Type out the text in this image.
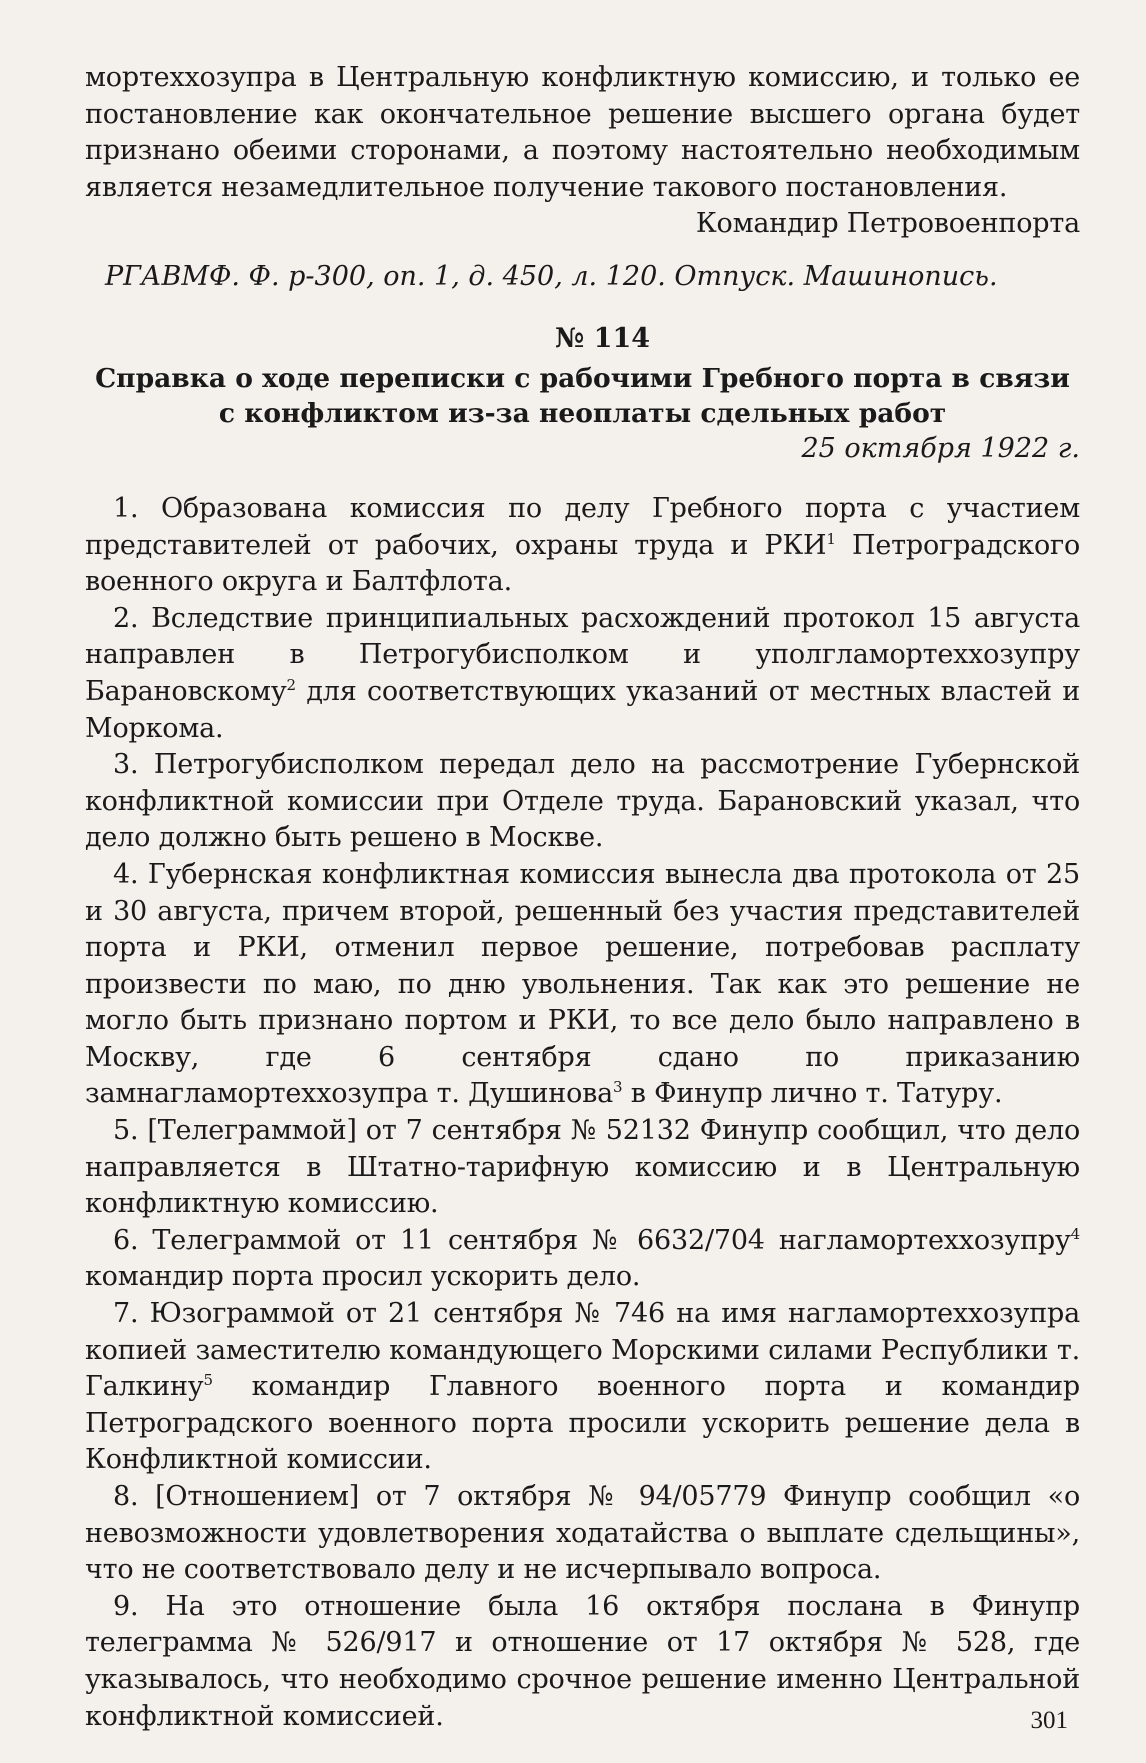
мортеххозупра в Центральную конфликтную комиссию, и только ее постановление как окончательное решение высшего органа будет признано обеими сторонами, а поэтому настоятельно необходимым является незамедлительное получение такового постановления.

Командир Петровоенпорта

РГАВМФ. Ф. р-300, оп. 1, д. 450, л. 120. Отпуск. Машинопись.

№ 114

Справка о ходе переписки с рабочими Гребного порта в связи
с конфликтом из-за неоплаты сдельных работ

25 октября 1922 г.

1. Образована комиссия по делу Гребного порта с участием представителей от рабочих, охраны труда и РКИ$^1$ Петроградского военного округа и Балтфлота.

2. Вследствие принципиальных расхождений протокол 15 августа направлен в Петрогубисполком и уполгламортеххозупру Барановскому$^2$ для соответствующих указаний от местных властей и Моркома.

3. Петрогубисполком передал дело на рассмотрение Губернской конфликтной комиссии при Отделе труда. Барановский указал, что дело должно быть решено в Москве.

4. Губернская конфликтная комиссия вынесла два протокола от 25 и 30 августа, причем второй, решенный без участия представителей порта и РКИ, отменил первое решение, потребовав расплату произвести по маю, по дню увольнения. Так как это решение не могло быть признано портом и РКИ, то все дело было направлено в Москву, где 6 сентября сдано по приказанию замнагламортеххозупра т. Душинова$^3$ в Финупр лично т. Татуру.

5. [Телеграммой] от 7 сентября № 52132 Финупр сообщил, что дело направляется в Штатно-тарифную комиссию и в Центральную конфликтную комиссию.

6. Телеграммой от 11 сентября № 6632/704 нагламортеххозупру$^4$ командир порта просил ускорить дело.

7. Юзограммой от 21 сентября № 746 на имя нагламортеххозупра копией заместителю командующего Морскими силами Республики т. Галкину$^5$ командир Главного военного порта и командир Петроградского военного порта просили ускорить решение дела в Конфликтной комиссии.

8. [Отношением] от 7 октября № 94/05779 Финупр сообщил «о невозможности удовлетворения ходатайства о выплате сдельщины», что не соответствовало делу и не исчерпывало вопроса.

9. На это отношение была 16 октября послана в Финупр телеграмма № 526/917 и отношение от 17 октября № 528, где указывалось, что необходимо срочное решение именно Центральной конфликтной комиссией.	301
